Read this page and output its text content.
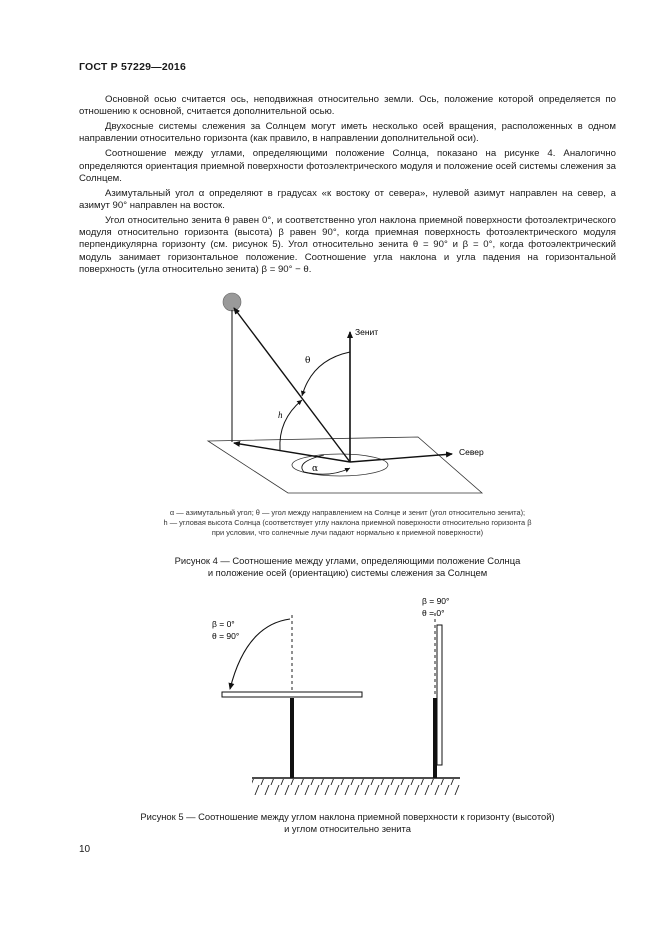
ГОСТ Р 57229—2016

Основной осью считается ось, неподвижная относительно земли. Ось, положение которой определяется по отношению к основной, считается дополнительной осью.

Двухосные системы слежения за Солнцем могут иметь несколько осей вращения, расположенных в одном направлении относительно горизонта (как правило, в направлении дополнительной оси).

Соотношение между углами, определяющими положение Солнца, показано на рисунке 4. Аналогично определяются ориентация приемной поверхности фотоэлектрического модуля и положение осей системы слежения за Солнцем.

Азимутальный угол α определяют в градусах «к востоку от севера», нулевой азимут направлен на север, а азимут 90° направлен на восток.

Угол относительно зенита θ равен 0°, и соответственно угол наклона приемной поверхности фотоэлектрического модуля относительно горизонта (высота) β равен 90°, когда приемная поверхность фотоэлектрического модуля перпендикулярна горизонту (см. рисунок 5). Угол относительно зенита θ = 90° и β = 0°, когда фотоэлектрический модуль занимает горизонтальное положение. Соотношение угла наклона и угла падения на горизонтальной поверхность (угла относительно зенита) β = 90° − θ.

Зенит
Север
θ
h
α
α — азимутальный угол; θ — угол между направлением на Солнце и зенит (угол относительно зенита);
h — угловая высота Солнца (соответствует углу наклона приемной поверхности относительно горизонта β
при условии, что солнечные лучи падают нормально к приемной поверхности)
Рисунок 4 — Соотношение между углами, определяющими положение Солнца
и положение осей (ориентацию) системы слежения за Солнцем
β = 0°
θ = 90°
β = 90°
θ = 0°
Рисунок 5 — Соотношение между углом наклона приемной поверхности к горизонту (высотой)
и углом относительно зенита
10
